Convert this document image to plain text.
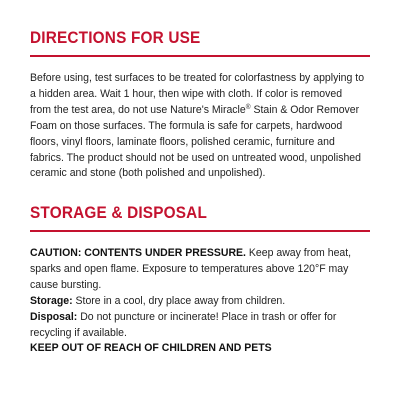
DIRECTIONS FOR USE

Before using, test surfaces to be treated for colorfastness by applying to a hidden area. Wait 1 hour, then wipe with cloth. If color is removed from the test area, do not use Nature's Miracle® Stain & Odor Remover Foam on those surfaces. The formula is safe for carpets, hardwood floors, vinyl floors, laminate floors, polished ceramic, furniture and fabrics. The product should not be used on untreated wood, unpolished ceramic and stone (both polished and unpolished).

STORAGE & DISPOSAL

CAUTION: CONTENTS UNDER PRESSURE. Keep away from heat, sparks and open flame. Exposure to temperatures above 120°F may cause bursting.

Storage: Store in a cool, dry place away from children.

Disposal: Do not puncture or incinerate! Place in trash or offer for recycling if available.

KEEP OUT OF REACH OF CHILDREN AND PETS
